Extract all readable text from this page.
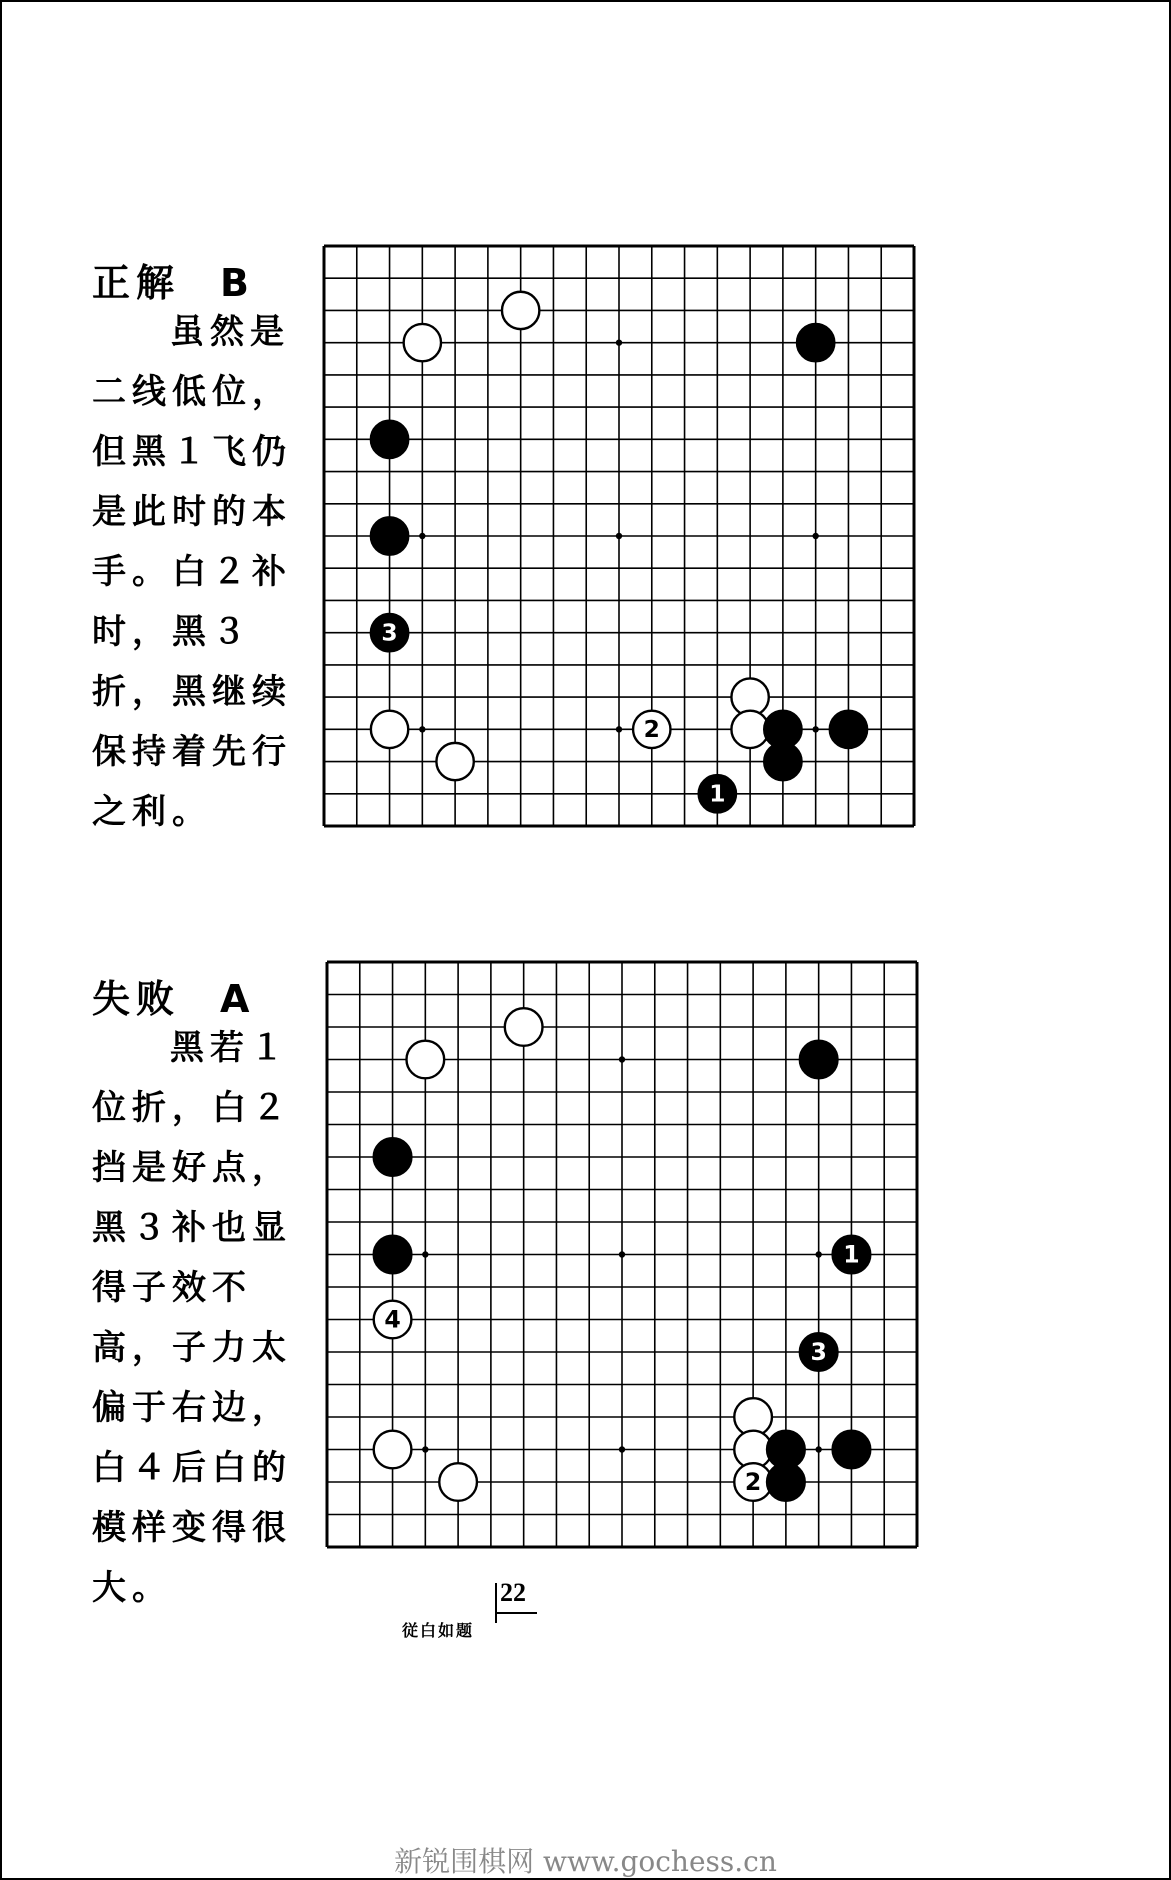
正解 B
虽然是二线低位，但黑１飞仍是此时的本手。白２补时，黑３折，黑继续保持着先行之利。
3
2
1
失败 A
黑若１位折，白２挡是好点，黑３补也显得子效不高，子力太偏于右边，白４后白的模样变得很大。
1
4
3
2
22
従白如题
新锐围棋网 www.gochess.cn
